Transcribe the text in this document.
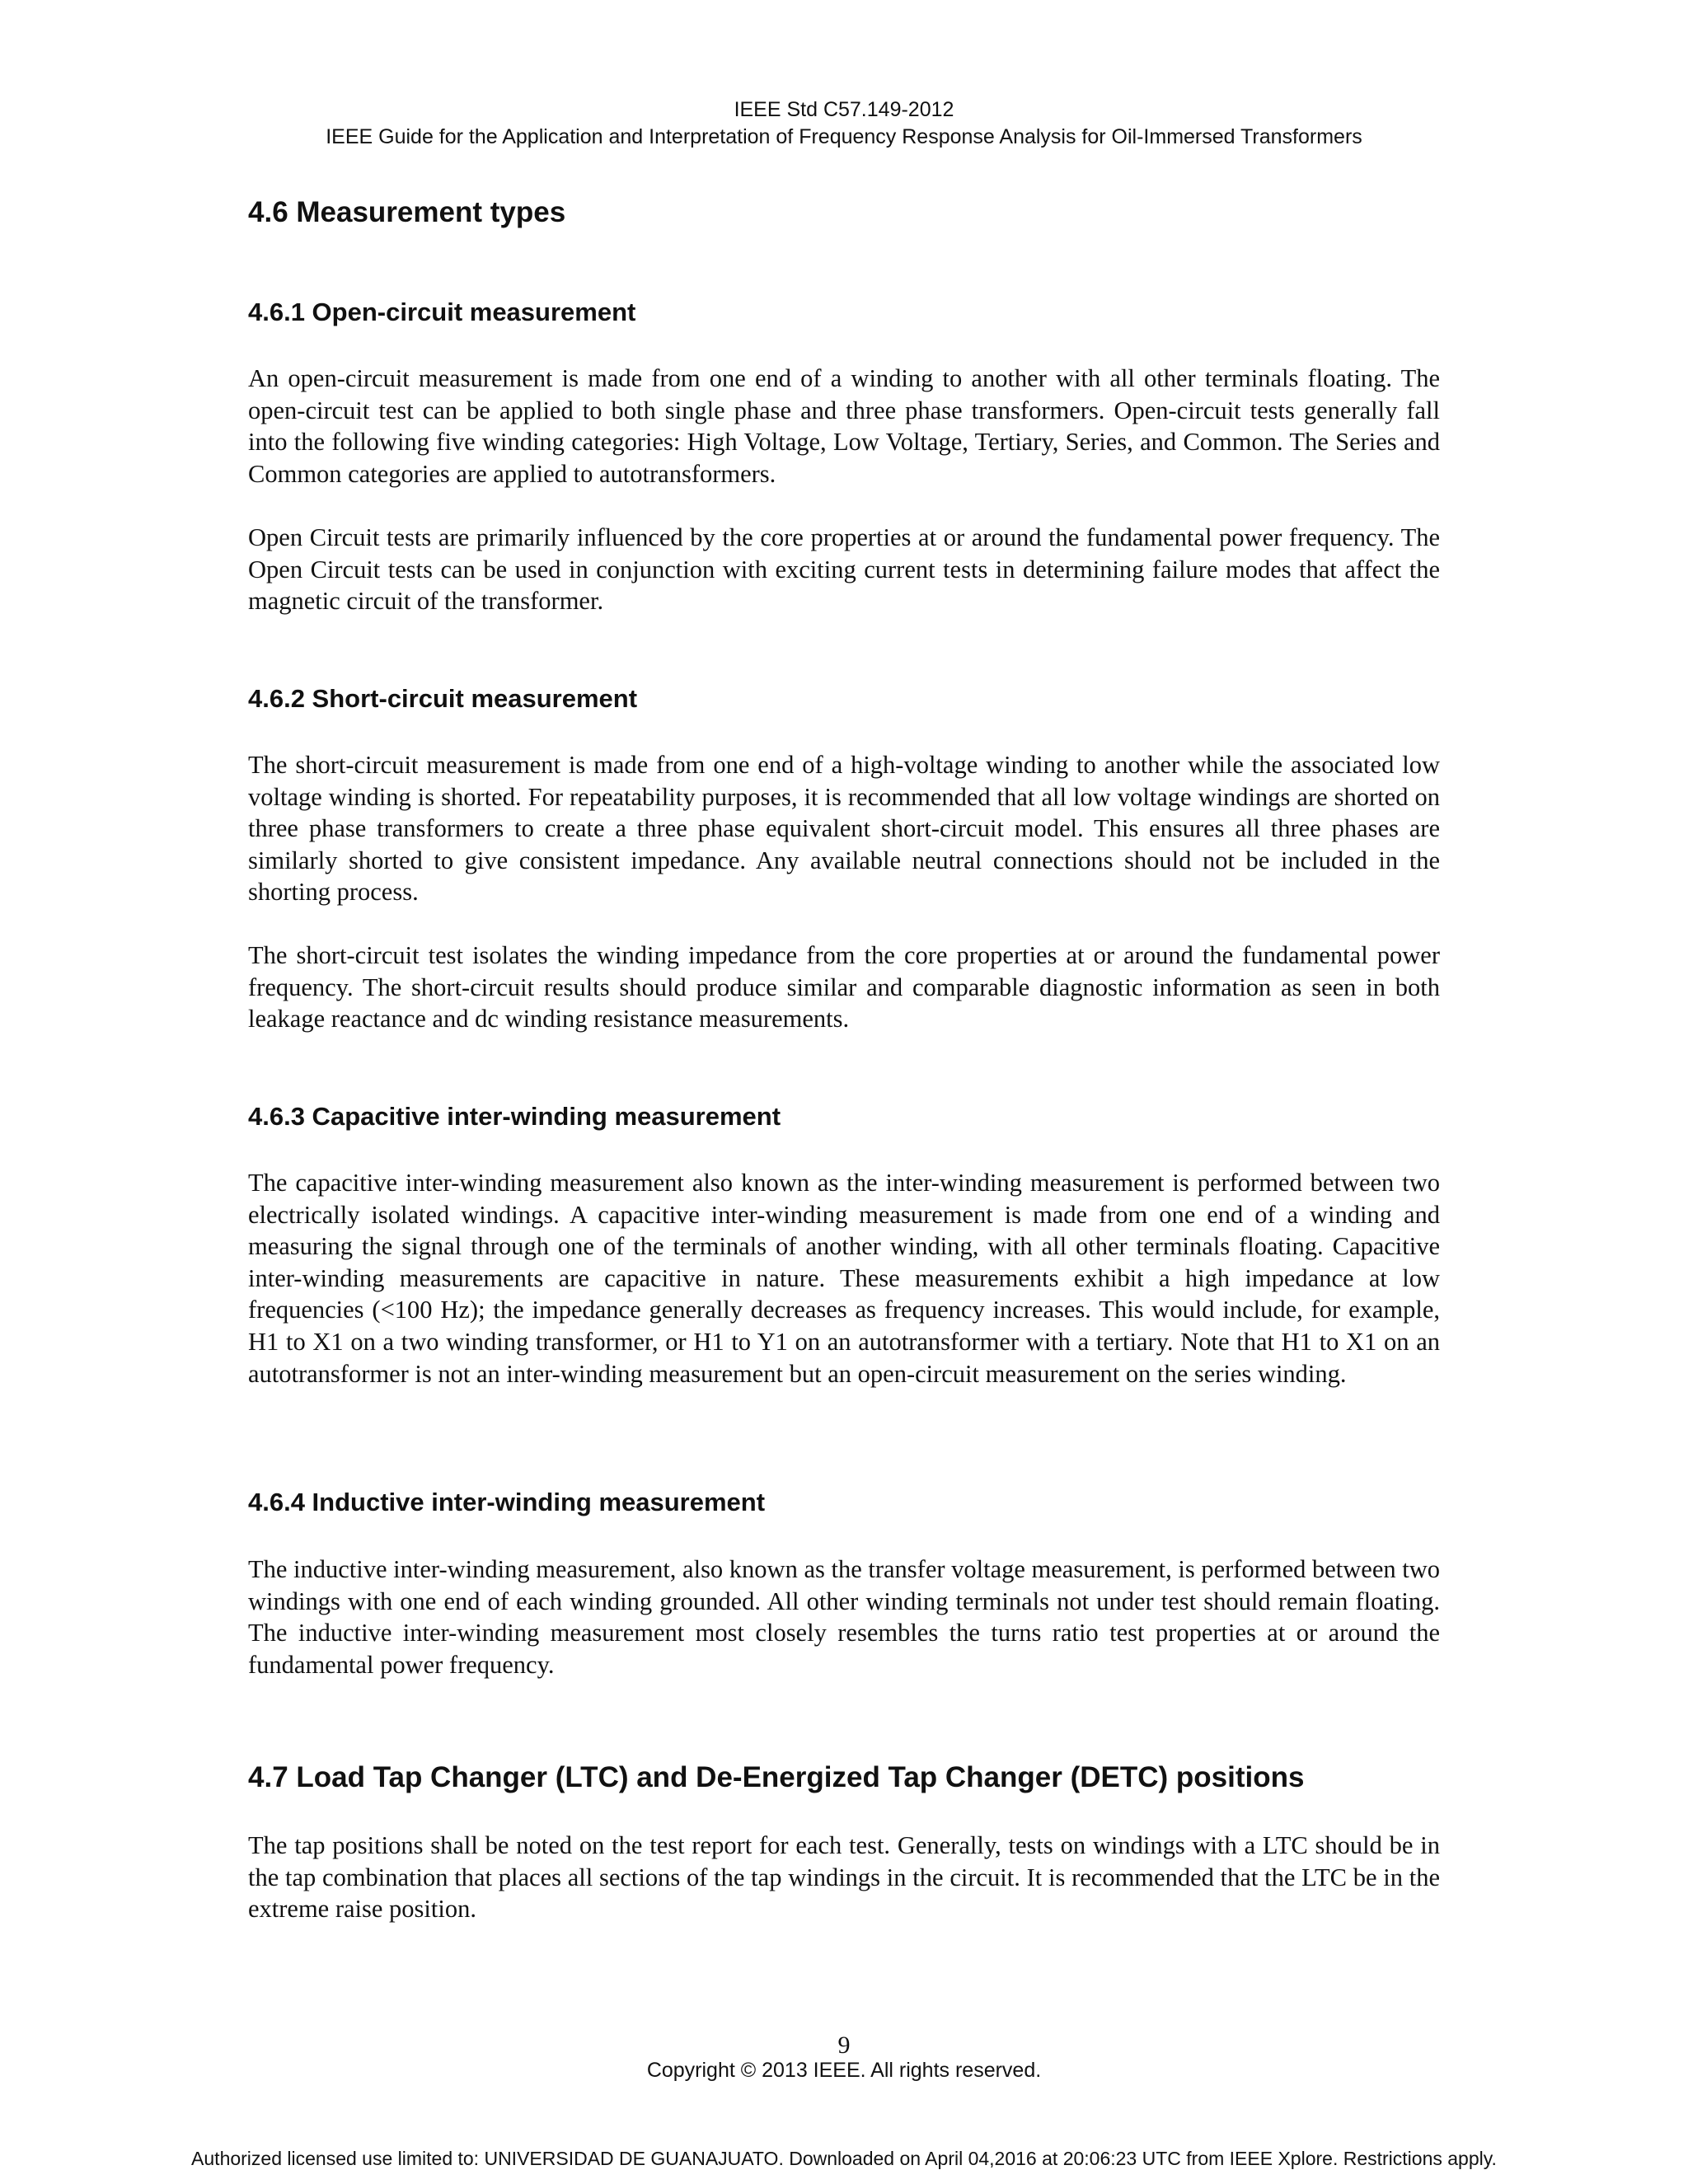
IEEE Std C57.149-2012
IEEE Guide for the Application and Interpretation of Frequency Response Analysis for Oil-Immersed Transformers
4.6 Measurement types
4.6.1 Open-circuit measurement

An open-circuit measurement is made from one end of a winding to another with all other terminals floating. The open-circuit test can be applied to both single phase and three phase transformers. Open-circuit tests generally fall into the following five winding categories: High Voltage, Low Voltage, Tertiary, Series, and Common. The Series and Common categories are applied to autotransformers.

Open Circuit tests are primarily influenced by the core properties at or around the fundamental power frequency. The Open Circuit tests can be used in conjunction with exciting current tests in determining failure modes that affect the magnetic circuit of the transformer.

4.6.2 Short-circuit measurement

The short-circuit measurement is made from one end of a high-voltage winding to another while the associated low voltage winding is shorted. For repeatability purposes, it is recommended that all low voltage windings are shorted on three phase transformers to create a three phase equivalent short-circuit model. This ensures all three phases are similarly shorted to give consistent impedance. Any available neutral connections should not be included in the shorting process.

The short-circuit test isolates the winding impedance from the core properties at or around the fundamental power frequency. The short-circuit results should produce similar and comparable diagnostic information as seen in both leakage reactance and dc winding resistance measurements.

4.6.3 Capacitive inter-winding measurement

The capacitive inter-winding measurement also known as the inter-winding measurement is performed between two electrically isolated windings. A capacitive inter-winding measurement is made from one end of a winding and measuring the signal through one of the terminals of another winding, with all other terminals floating. Capacitive inter-winding measurements are capacitive in nature. These measurements exhibit a high impedance at low frequencies (<100 Hz); the impedance generally decreases as frequency increases. This would include, for example, H1 to X1 on a two winding transformer, or H1 to Y1 on an autotransformer with a tertiary. Note that H1 to X1 on an autotransformer is not an inter-winding measurement but an open-circuit measurement on the series winding.

4.6.4 Inductive inter-winding measurement

The inductive inter-winding measurement, also known as the transfer voltage measurement, is performed between two windings with one end of each winding grounded. All other winding terminals not under test should remain floating. The inductive inter-winding measurement most closely resembles the turns ratio test properties at or around the fundamental power frequency.

4.7 Load Tap Changer (LTC) and De-Energized Tap Changer (DETC) positions

The tap positions shall be noted on the test report for each test. Generally, tests on windings with a LTC should be in the tap combination that places all sections of the tap windings in the circuit. It is recommended that the LTC be in the extreme raise position.

9
Copyright © 2013 IEEE. All rights reserved.
Authorized licensed use limited to: UNIVERSIDAD DE GUANAJUATO. Downloaded on April 04,2016 at 20:06:23 UTC from IEEE Xplore. Restrictions apply.
